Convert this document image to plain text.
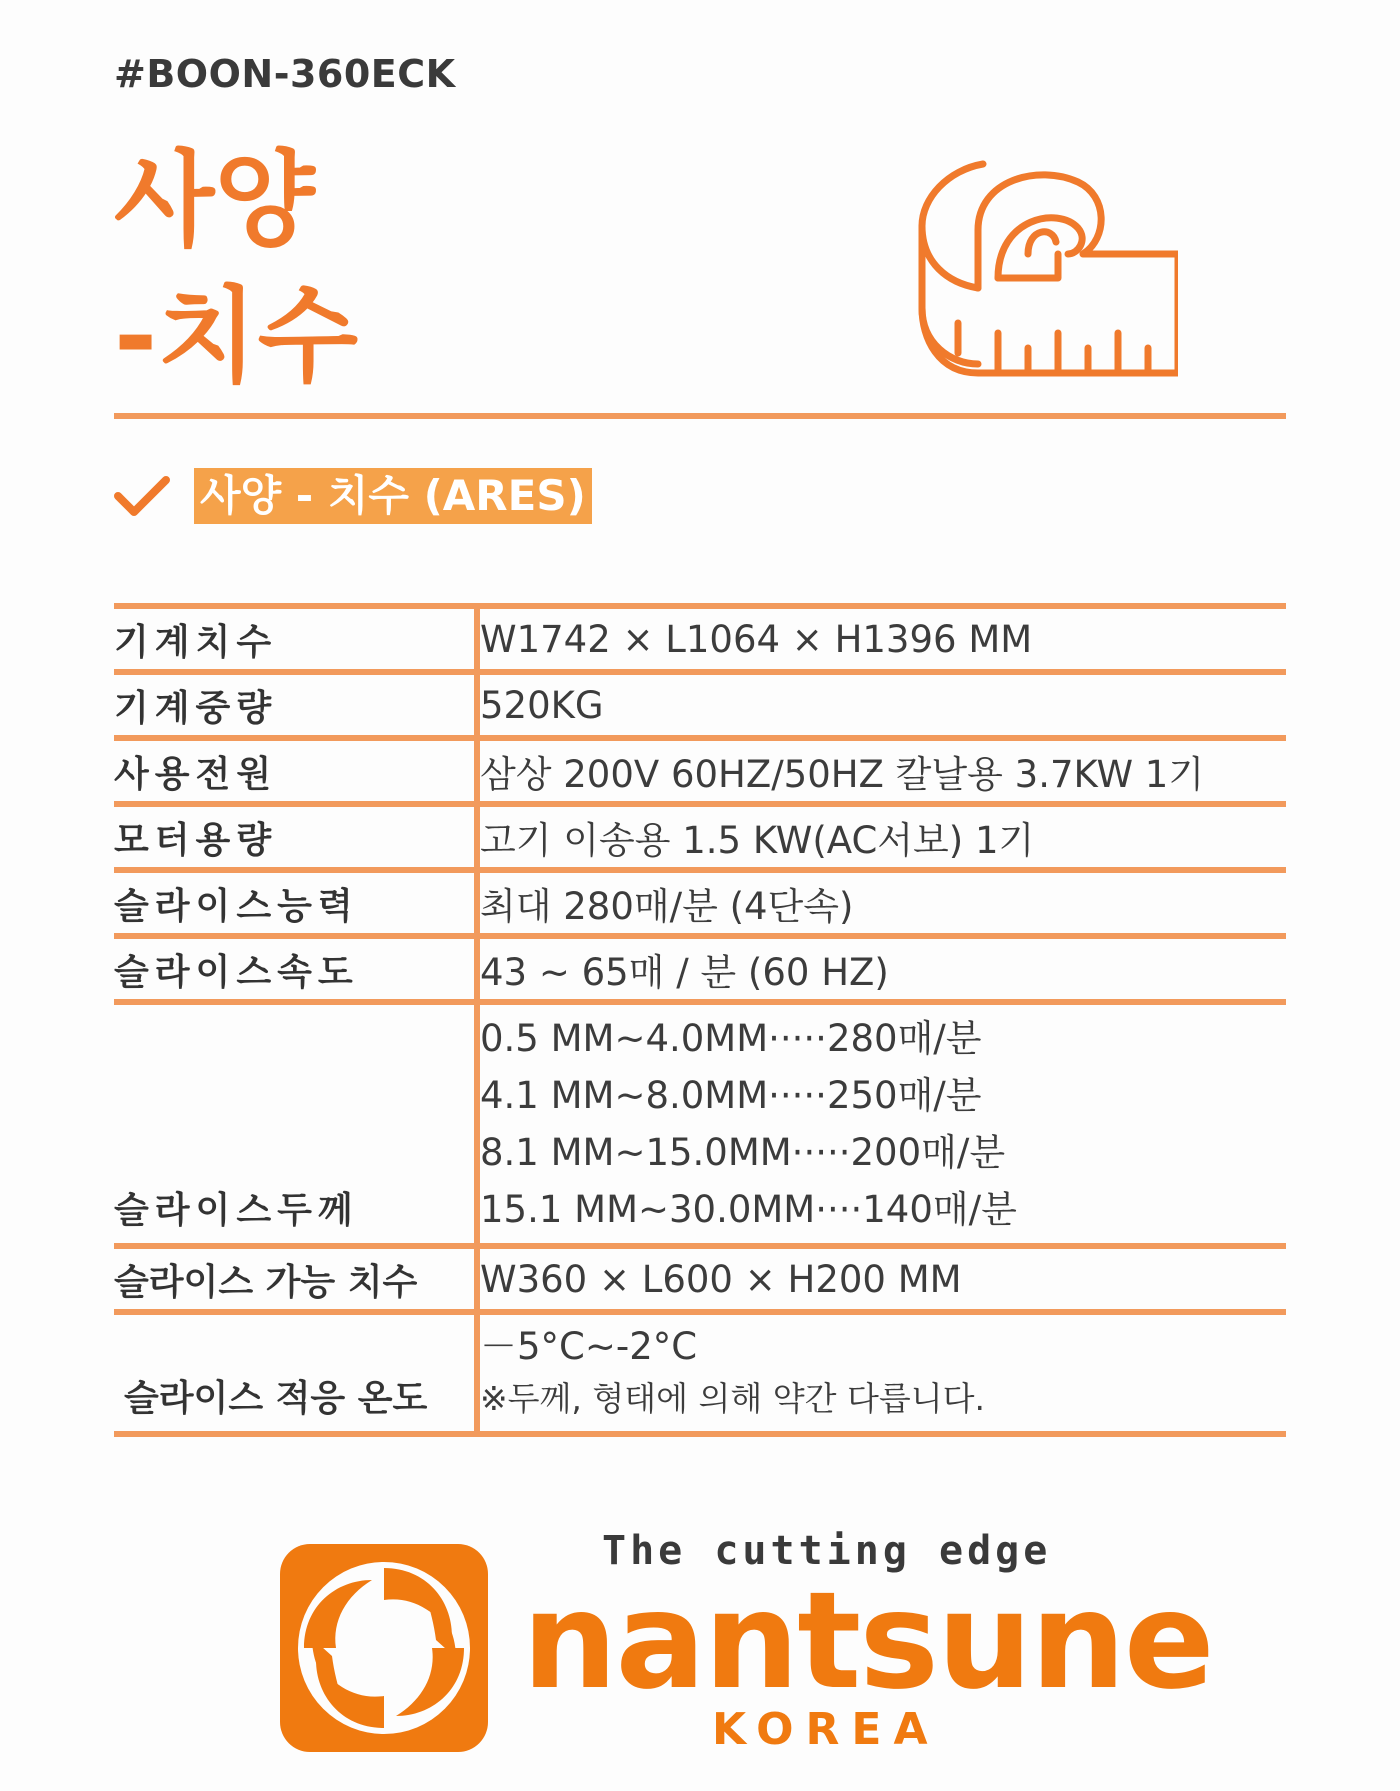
#BOON-360ECK
사양
-치수
사양 - 치수 (ARES)
기계치수	W1742 × L1064 × H1396 MM
기계중량	520KG
사용전원	삼상 200V 60HZ/50HZ 칼날용 3.7KW 1기
모터용량	고기 이송용 1.5 KW(AC서보) 1기
슬라이스능력	최대 280매/분 (4단속)
슬라이스속도	43 ~ 65매 / 분 (60 HZ)
슬라이스두께	0.5 MM~4.0MM·····280매/분
4.1 MM~8.0MM·····250매/분
8.1 MM~15.0MM·····200매/분
15.1 MM~30.0MM····140매/분

슬라이스 가능 치수	W360 × L600 × H200 MM
슬라이스 적응 온도	－5°C~-2°C
※두께, 형태에 의해 약간 다릅니다.
The cutting edge
nantsune
KOREA
